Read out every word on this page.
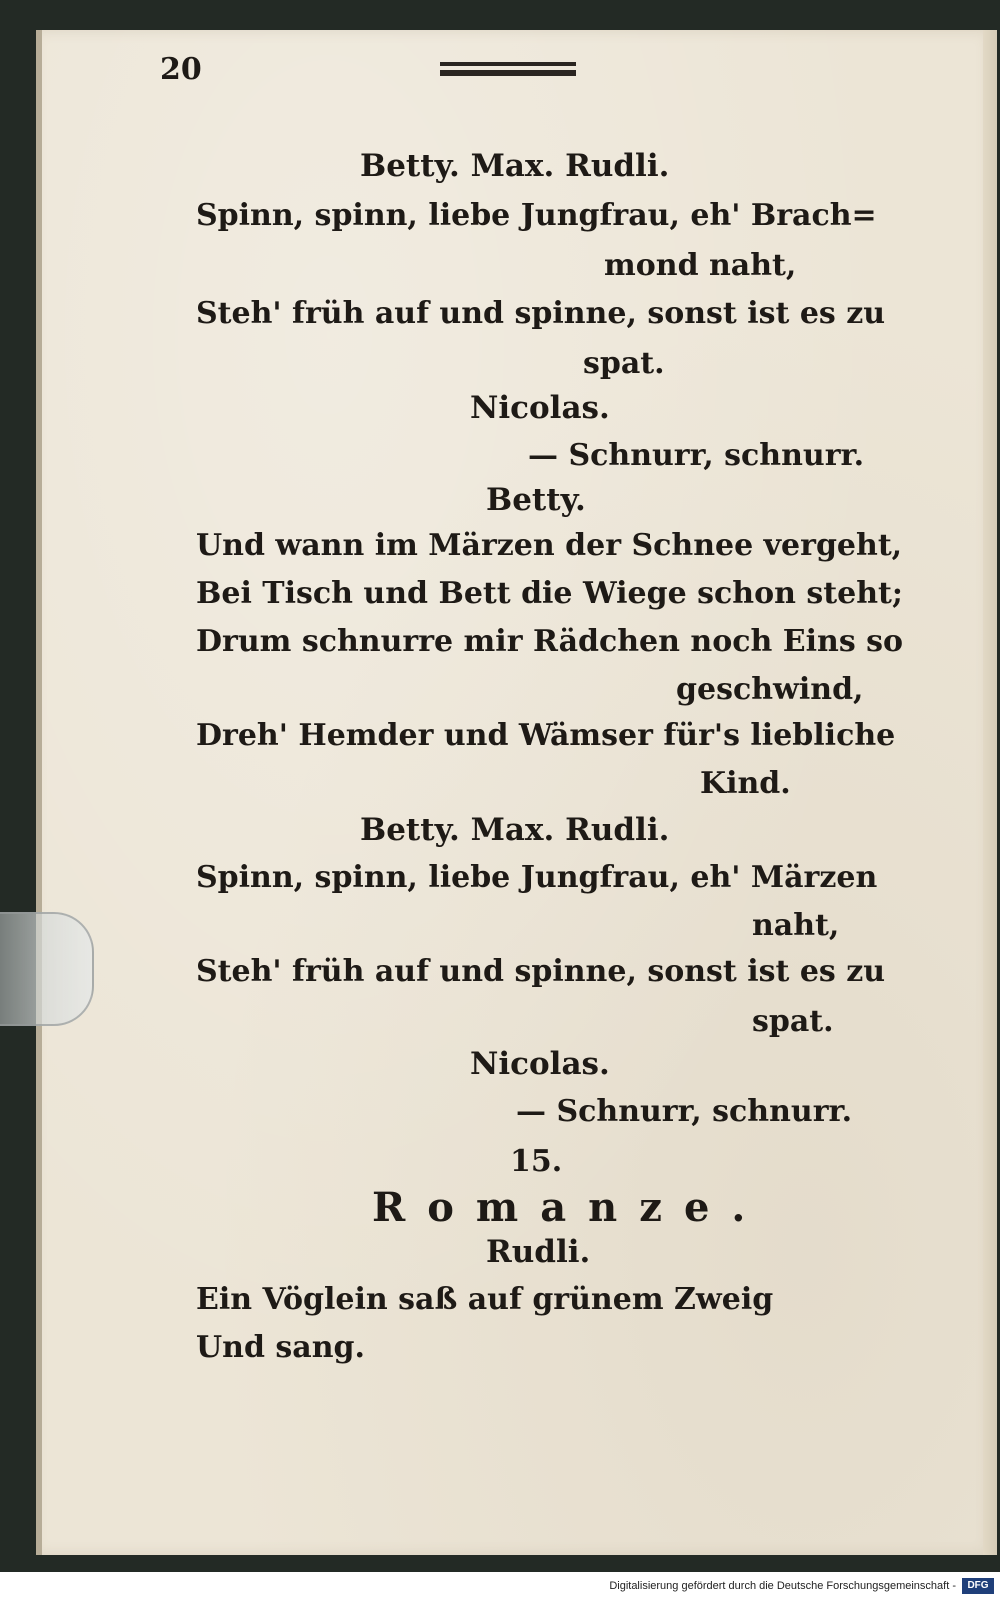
20
Betty. Max. Rudli.
Spinn, spinn, liebe Jungfrau, eh' Brach=
mond naht,
Steh' früh auf und spinne, sonst ist es zu
spat.
Nicolas.
— Schnurr, schnurr.
Betty.
Und wann im Märzen der Schnee vergeht,
Bei Tisch und Bett die Wiege schon steht;
Drum schnurre mir Rädchen noch Eins so
geschwind,
Dreh' Hemder und Wämser für's liebliche
Kind.
Betty. Max. Rudli.
Spinn, spinn, liebe Jungfrau, eh' Märzen
naht,
Steh' früh auf und spinne, sonst ist es zu
spat.
Nicolas.
— Schnurr, schnurr.
15.
Romanze.
Rudli.
Ein Vöglein saß auf grünem Zweig
Und sang.
Digitalisierung gefördert durch die Deutsche Forschungsgemeinschaft -	DFG
